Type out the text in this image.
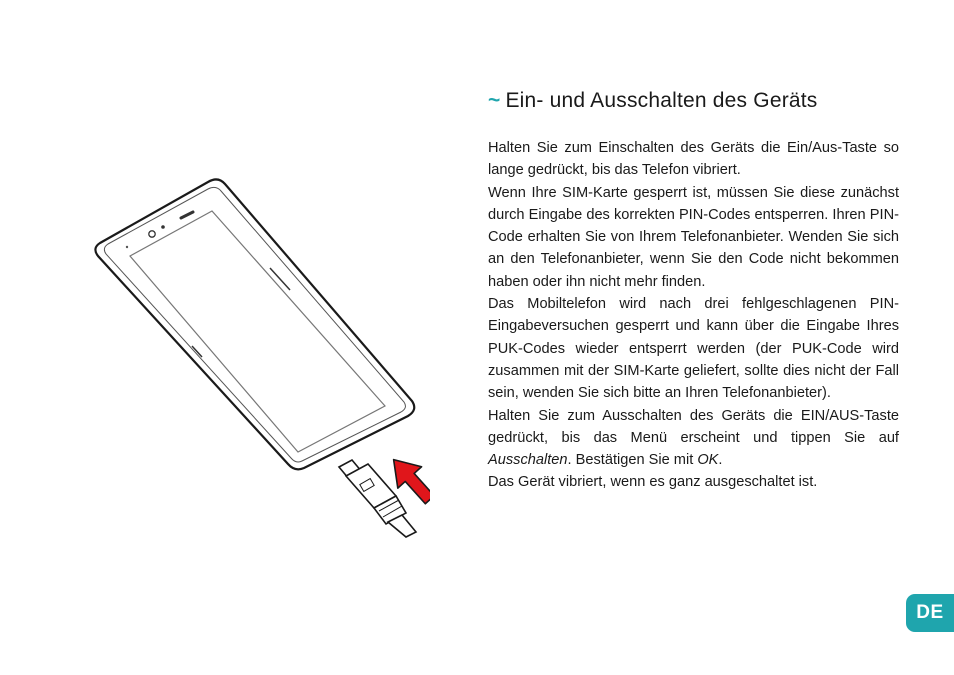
~ Ein- und Ausschalten des Geräts

Halten Sie zum Einschalten des Geräts die Ein/Aus-Taste so lange gedrückt, bis das Telefon vibriert.

Wenn Ihre SIM-Karte gesperrt ist, müssen Sie diese zunächst durch Eingabe des korrekten PIN-Codes entsperren. Ihren PIN-Code erhalten Sie von Ihrem Telefonanbieter. Wenden Sie sich an den Telefonanbieter, wenn Sie den Code nicht bekommen haben oder ihn nicht mehr finden.

Das Mobiltelefon wird nach drei fehlgeschlagenen PIN-Eingabeversuchen gesperrt und kann über die Eingabe Ihres PUK-Codes wieder entsperrt werden (der PUK-Code wird zusammen mit der SIM-Karte geliefert, sollte dies nicht der Fall sein, wenden Sie sich bitte an Ihren Telefonanbieter).

Halten Sie zum Ausschalten des Geräts die EIN/AUS-Taste gedrückt, bis das Menü erscheint und tippen Sie auf Ausschalten. Bestätigen Sie mit OK.

Das Gerät vibriert, wenn es ganz ausgeschaltet ist.

DE
